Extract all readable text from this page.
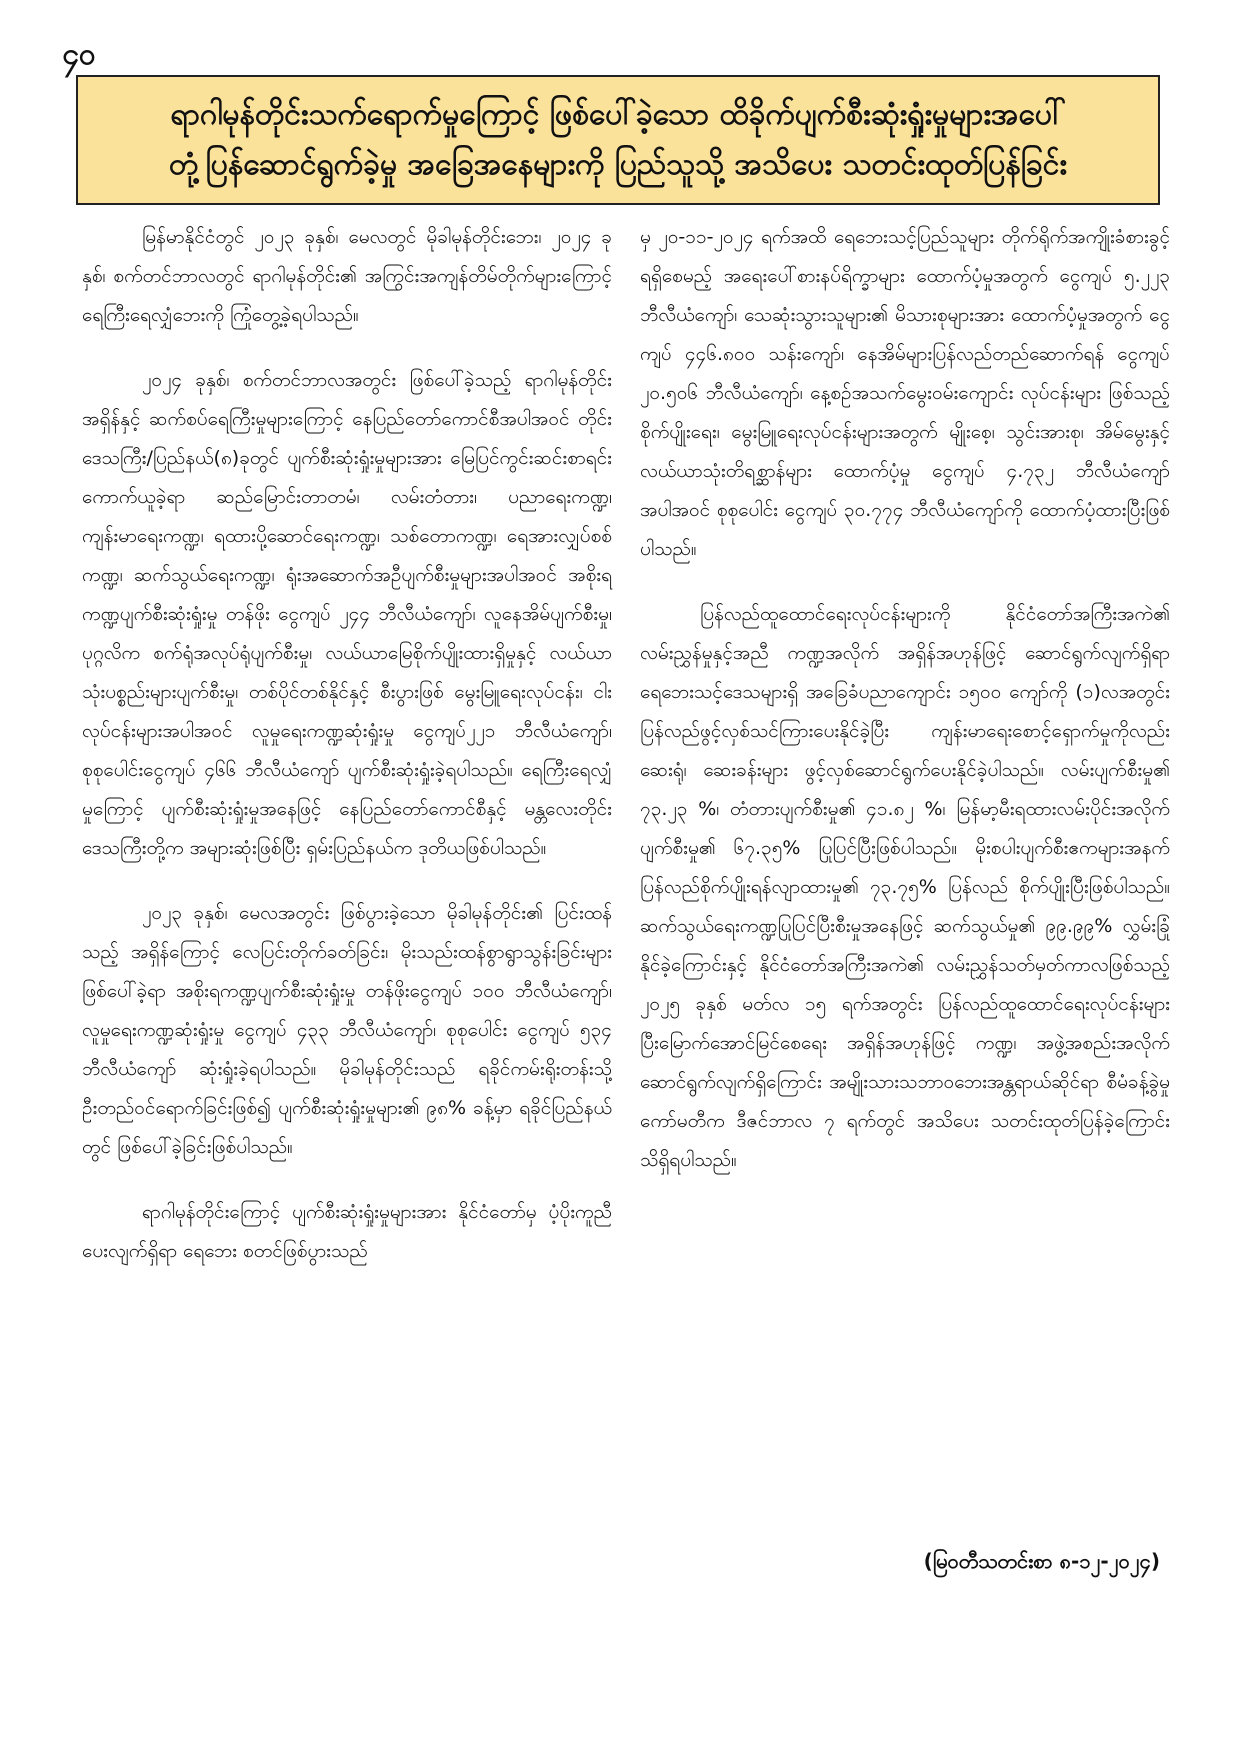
၄၀
ရာဂါမုန်တိုင်းသက်ရောက်မှုကြောင့် ဖြစ်ပေါ်ခဲ့သော ထိခိုက်ပျက်စီးဆုံးရှုံးမှုများအပေါ်
တုံ့ပြန်ဆောင်ရွက်ခဲ့မှု အခြေအနေများကို ပြည်သူသို့ အသိပေး သတင်းထုတ်ပြန်ခြင်း

မြန်မာနိုင်ငံတွင် ၂၀၂၃ ခုနှစ်၊ မေလတွင် မိုခါမုန်တိုင်းဘေး၊ ၂၀၂၄ ခုနှစ်၊ စက်တင်ဘာလတွင် ရာဂါမုန်တိုင်း၏ အကြွင်းအကျန်တိမ်တိုက်များကြောင့် ရေကြီးရေလျှံဘေးကို ကြုံတွေ့ခဲ့ရပါသည်။

၂၀၂၄ ခုနှစ်၊ စက်တင်ဘာလအတွင်း ဖြစ်ပေါ်ခဲ့သည့် ရာဂါမုန်တိုင်းအရှိန်နှင့် ဆက်စပ်ရေကြီးမှုများကြောင့် နေပြည်တော်ကောင်စီအပါအဝင် တိုင်းဒေသကြီး/ပြည်နယ်(၈)ခုတွင် ပျက်စီးဆုံးရှုံးမှုများအား မြေပြင်ကွင်းဆင်းစာရင်း ကောက်ယူခဲ့ရာ ဆည်မြောင်းတာတမံ၊ လမ်းတံတား၊ ပညာရေးကဏ္ဍ၊ ကျန်းမာရေးကဏ္ဍ၊ ရထားပို့ဆောင်ရေးကဏ္ဍ၊ သစ်တောကဏ္ဍ၊ ရေအားလျှပ်စစ်ကဏ္ဍ၊ ဆက်သွယ်ရေးကဏ္ဍ၊ ရုံးအဆောက်အဦပျက်စီးမှုများအပါအဝင် အစိုးရကဏ္ဍပျက်စီးဆုံးရှုံးမှု တန်ဖိုး ငွေကျပ် ၂၄၄ ဘီလီယံကျော်၊ လူနေအိမ်ပျက်စီးမှု၊ ပုဂ္ဂလိက စက်ရုံအလုပ်ရုံပျက်စီးမှု၊ လယ်ယာမြေစိုက်ပျိုးထားရှိမှုနှင့် လယ်ယာသုံးပစ္စည်းများပျက်စီးမှု၊ တစ်ပိုင်တစ်နိုင်နှင့် စီးပွားဖြစ် မွေးမြူရေးလုပ်ငန်း၊ ငါးလုပ်ငန်းများအပါအဝင် လူမှုရေးကဏ္ဍဆုံးရှုံးမှု ငွေကျပ်၂၂၁ ဘီလီယံကျော်၊ စုစုပေါင်းငွေကျပ် ၄၆၆ ဘီလီယံကျော် ပျက်စီးဆုံးရှုံးခဲ့ရပါသည်။ ရေကြီးရေလျှံမှုကြောင့် ပျက်စီးဆုံးရှုံးမှုအနေဖြင့် နေပြည်တော်ကောင်စီနှင့် မန္တလေးတိုင်းဒေသကြီးတို့က အများဆုံးဖြစ်ပြီး ရှမ်းပြည်နယ်က ဒုတိယဖြစ်ပါသည်။

၂၀၂၃ ခုနှစ်၊ မေလအတွင်း ဖြစ်ပွားခဲ့သော မိုခါမုန်တိုင်း၏ ပြင်းထန်သည့် အရှိန်ကြောင့် လေပြင်းတိုက်ခတ်ခြင်း၊ မိုးသည်းထန်စွာရွာသွန်းခြင်းများဖြစ်ပေါ်ခဲ့ရာ အစိုးရကဏ္ဍပျက်စီးဆုံးရှုံးမှု တန်ဖိုးငွေကျပ် ၁၀၀ ဘီလီယံကျော်၊ လူမှုရေးကဏ္ဍဆုံးရှုံးမှု ငွေကျပ် ၄၃၃ ဘီလီယံကျော်၊ စုစုပေါင်း ငွေကျပ် ၅၃၄ ဘီလီယံကျော် ဆုံးရှုံးခဲ့ရပါသည်။ မိုခါမုန်တိုင်းသည် ရခိုင်ကမ်းရိုးတန်းသို့ ဦးတည်ဝင်ရောက်ခြင်းဖြစ်၍ ပျက်စီးဆုံးရှုံးမှုများ၏ ၉၈% ခန့်မှာ ရခိုင်ပြည်နယ်တွင် ဖြစ်ပေါ်ခဲ့ခြင်းဖြစ်ပါသည်။

ရာဂါမုန်တိုင်းကြောင့် ပျက်စီးဆုံးရှုံးမှုများအား နိုင်ငံတော်မှ ပံ့ပိုးကူညီပေးလျက်ရှိရာ ရေဘေး စတင်ဖြစ်ပွားသည်

မှ ၂၀-၁၁-၂၀၂၄ ရက်အထိ ရေဘေးသင့်ပြည်သူများ တိုက်ရိုက်အကျိုးခံစားခွင့်ရရှိစေမည့် အရေးပေါ်စားနပ်ရိက္ခာများ ထောက်ပံ့မှုအတွက် ငွေကျပ် ၅.၂၂၃ ဘီလီယံကျော်၊ သေဆုံးသွားသူများ၏ မိသားစုများအား ထောက်ပံ့မှုအတွက် ငွေကျပ် ၄၄၆.၈၀၀ သန်းကျော်၊ နေအိမ်များပြန်လည်တည်ဆောက်ရန် ငွေကျပ် ၂၀.၅၀၆ ဘီလီယံကျော်၊ နေ့စဉ်အသက်မွေးဝမ်းကျောင်း လုပ်ငန်းများ ဖြစ်သည့် စိုက်ပျိုးရေး၊ မွေးမြူရေးလုပ်ငန်းများအတွက် မျိုးစေ့၊ သွင်းအားစု၊ အိမ်မွေးနှင့် လယ်ယာသုံးတိရစ္ဆာန်များ ထောက်ပံ့မှု ငွေကျပ် ၄.၇၃၂ ဘီလီယံကျော် အပါအဝင် စုစုပေါင်း ငွေကျပ် ၃၀.၇၇၄ ဘီလီယံကျော်ကို ထောက်ပံ့ထားပြီးဖြစ်ပါသည်။

ပြန်လည်ထူထောင်ရေးလုပ်ငန်းများကို နိုင်ငံတော်အကြီးအကဲ၏ လမ်းညွှန်မှုနှင့်အညီ ကဏ္ဍအလိုက် အရှိန်အဟုန်ဖြင့် ဆောင်ရွက်လျက်ရှိရာ ရေဘေးသင့်ဒေသများရှိ အခြေခံပညာကျောင်း ၁၅၀၀ ကျော်ကို (၁)လအတွင်း ပြန်လည်ဖွင့်လှစ်သင်ကြားပေးနိုင်ခဲ့ပြီး ကျန်းမာရေးစောင့်ရှောက်မှုကိုလည်း ဆေးရုံ၊ ဆေးခန်းများ ဖွင့်လှစ်ဆောင်ရွက်ပေးနိုင်ခဲ့ပါသည်။ လမ်းပျက်စီးမှု၏ ၇၃.၂၃ %၊ တံတားပျက်စီးမှု၏ ၄၁.၈၂ %၊ မြန်မာ့မီးရထားလမ်းပိုင်းအလိုက် ပျက်စီးမှု၏ ၆၇.၃၅% ပြုပြင်ပြီးဖြစ်ပါသည်။ မိုးစပါးပျက်စီးဧကများအနက် ပြန်လည်စိုက်ပျိုးရန်လျာထားမှု၏ ၇၃.၇၅% ပြန်လည် စိုက်ပျိုးပြီးဖြစ်ပါသည်။ ဆက်သွယ်ရေးကဏ္ဍပြုပြင်ပြီးစီးမှုအနေဖြင့် ဆက်သွယ်မှု၏ ၉၉.၉၉% လွှမ်းခြုံနိုင်ခဲ့ကြောင်းနှင့် နိုင်ငံတော်အကြီးအကဲ၏ လမ်းညွှန်သတ်မှတ်ကာလဖြစ်သည့် ၂၀၂၅ ခုနှစ် မတ်လ ၁၅ ရက်အတွင်း ပြန်လည်ထူထောင်ရေးလုပ်ငန်းများ ပြီးမြောက်အောင်မြင်စေရေး အရှိန်အဟုန်ဖြင့် ကဏ္ဍ၊ အဖွဲ့အစည်းအလိုက် ဆောင်ရွက်လျက်ရှိကြောင်း အမျိုးသားသဘာဝဘေးအန္တရာယ်ဆိုင်ရာ စီမံခန့်ခွဲမှုကော်မတီက ဒီဇင်ဘာလ ၇ ရက်တွင် အသိပေး သတင်းထုတ်ပြန်ခဲ့ကြောင်း သိရှိရပါသည်။

(မြဝတီသတင်းစာ ၈-၁၂-၂၀၂၄)
